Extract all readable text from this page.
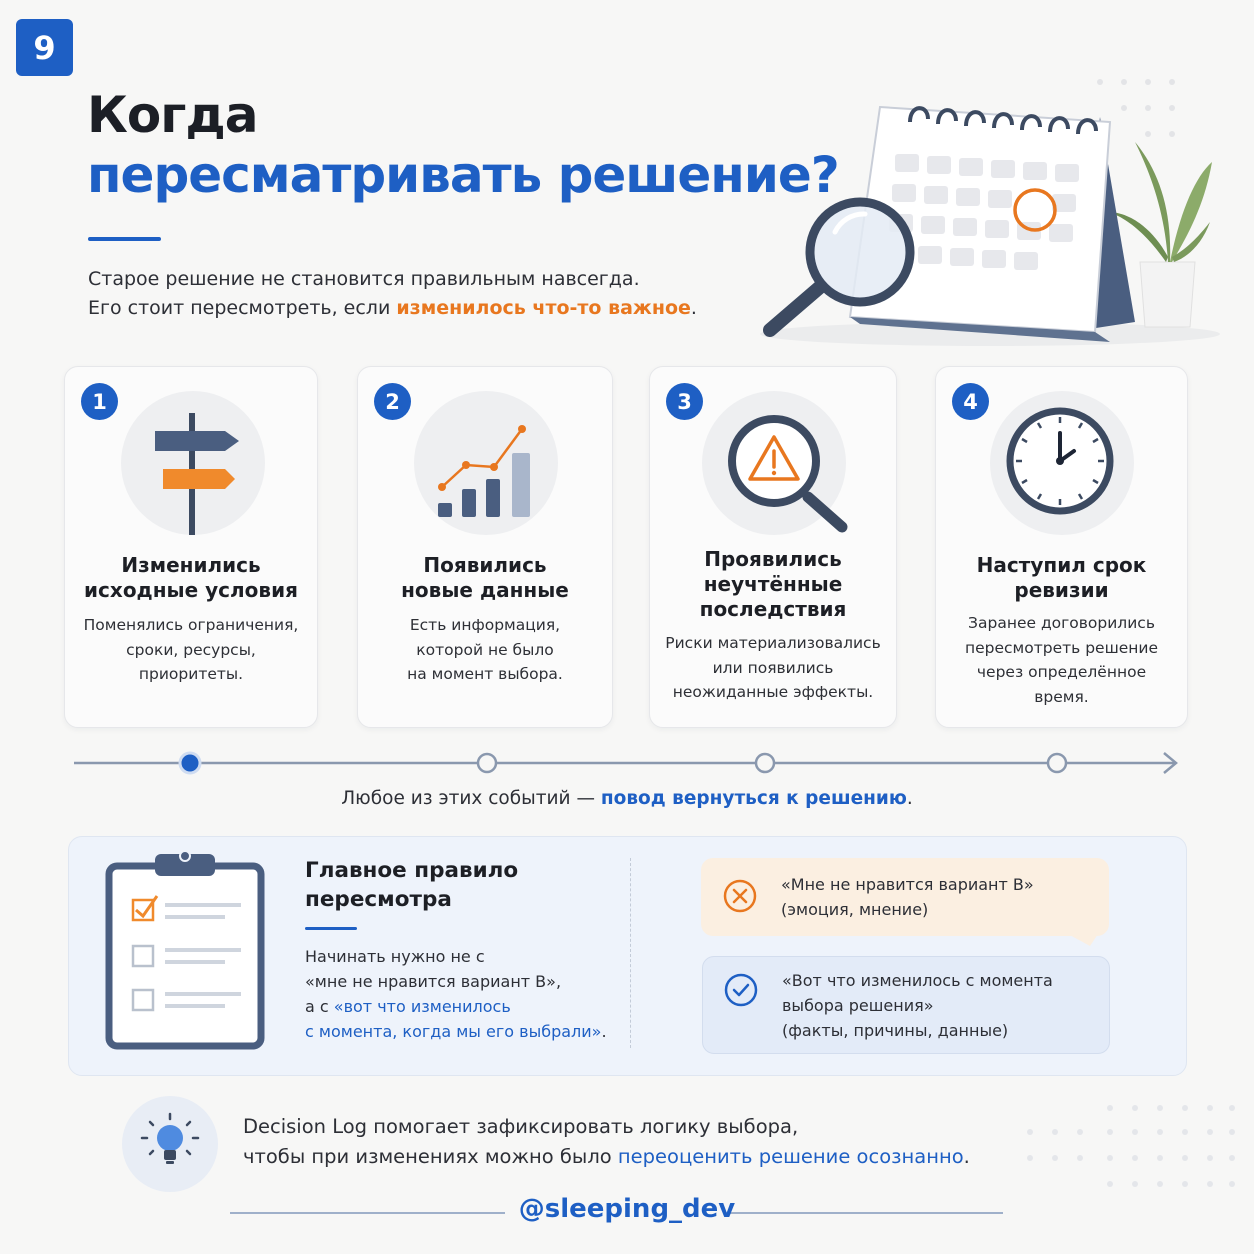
9
Когда
пересматривать решение?
Старое решение не становится правильным навсегда.
Его стоит пересмотреть, если изменилось что-то важное.
1
Изменились
исходные условия
Поменялись ограничения,
сроки, ресурсы,
приоритеты.
2
Появились
новые данные
Есть информация,
которой не было
на момент выбора.
3
Проявились
неучтённые
последствия
Риски материализовались
или появились
неожиданные эффекты.
4
Наступил срок
ревизии
Заранее договорились
пересмотреть решение
через определённое
время.
Любое из этих событий — повод вернуться к решению.
Главное правило
пересмотра
Начинать нужно не с
«мне не нравится вариант В»,
а с «вот что изменилось
с момента, когда мы его выбрали».
«Мне не нравится вариант В»
(эмоция, мнение)
«Вот что изменилось с момента
выбора решения»
(факты, причины, данные)
Decision Log помогает зафиксировать логику выбора,
чтобы при изменениях можно было переоценить решение осознанно.
@sleeping_dev
